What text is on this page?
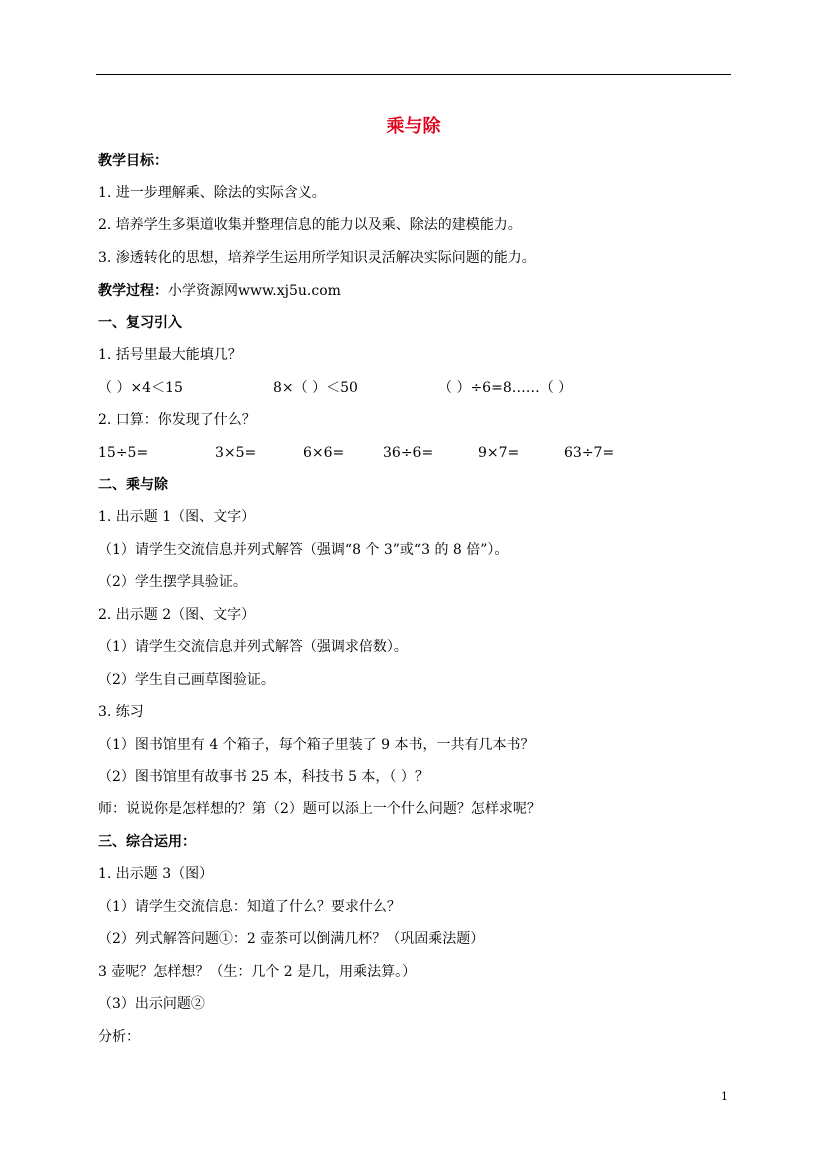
乘与除
教学目标：
1. 进一步理解乘、除法的实际含义。
2. 培养学生多渠道收集并整理信息的能力以及乘、除法的建模能力。
3. 渗透转化的思想，培养学生运用所学知识灵活解决实际问题的能力。
教学过程：小学资源网www.xj5u.com
一、复习引入
1. 括号里最大能填几？
（ ）×4＜15	8×（ ）＜50	（ ）÷6=8……（ ）
2. 口算：你发现了什么？
15÷5=	3×5=	6×6=	36÷6=	9×7=	63÷7=
二、乘与除
1. 出示题 1（图、文字）
（1）请学生交流信息并列式解答（强调“8 个 3”或“3 的 8 倍”）。
（2）学生摆学具验证。
2. 出示题 2（图、文字）
（1）请学生交流信息并列式解答（强调求倍数）。
（2）学生自己画草图验证。
3. 练习
（1）图书馆里有 4 个箱子，每个箱子里装了 9 本书，一共有几本书？
（2）图书馆里有故事书 25 本，科技书 5 本，（ ）？
师：说说你是怎样想的？第（2）题可以添上一个什么问题？怎样求呢？
三、综合运用：
1. 出示题 3（图）
（1）请学生交流信息：知道了什么？要求什么？
（2）列式解答问题①：2 壶茶可以倒满几杯？（巩固乘法题）
3 壶呢？怎样想？（生：几个 2 是几，用乘法算。）
（3）出示问题②
分析：
1
